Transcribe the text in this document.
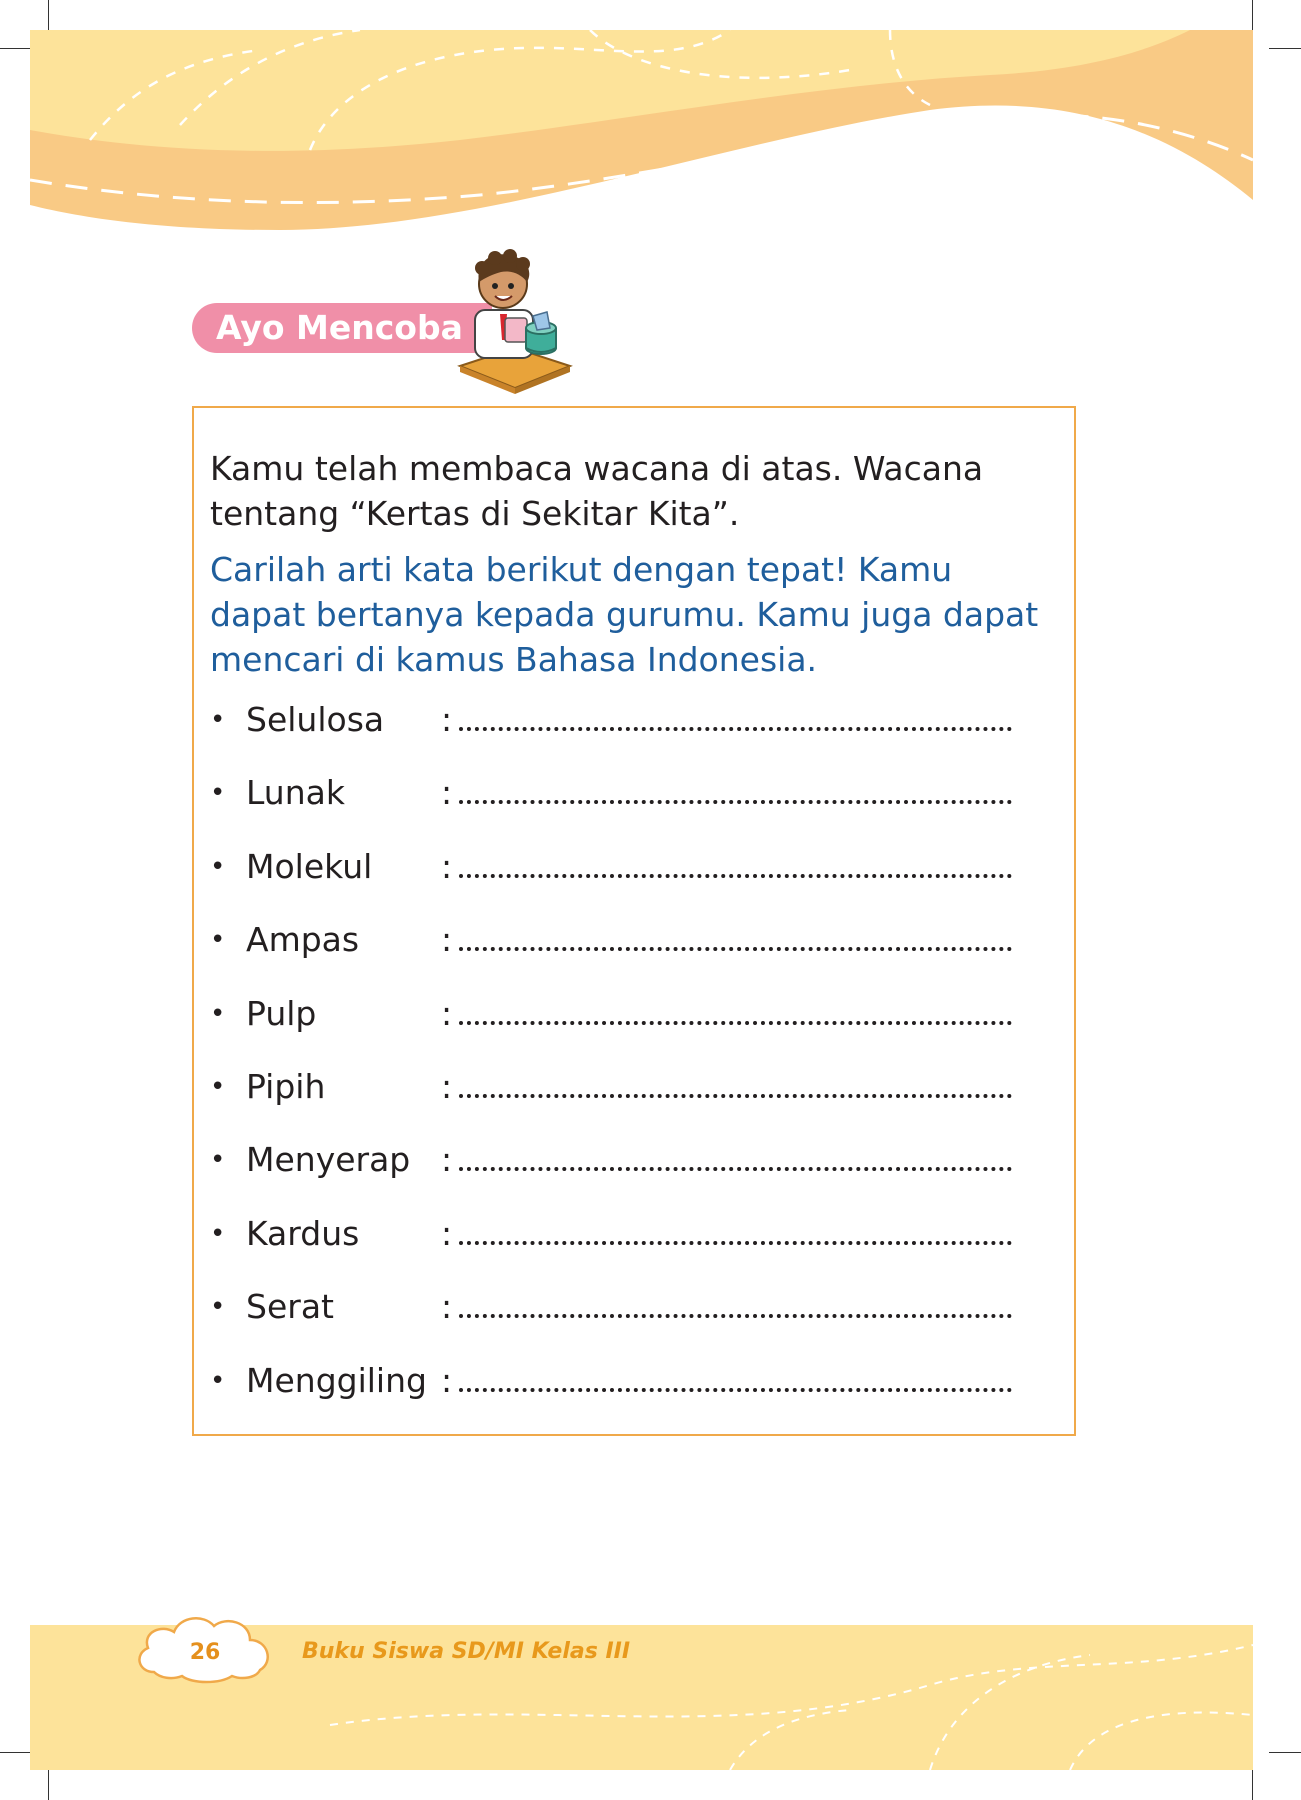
Ayo Mencoba

Kamu telah membaca wacana di atas. Wacana tentang “Kertas di Sekitar Kita”.

Carilah arti kata berikut dengan tepat! Kamu dapat bertanya kepada gurumu. Kamu juga dapat mencari di kamus Bahasa Indonesia.

• Selulosa	:
• Lunak	:
• Molekul	:
• Ampas	:
• Pulp	:
• Pipih	:
• Menyerap :
• Kardus	:
• Serat	:
• Menggiling :
26	Buku Siswa SD/MI Kelas III
